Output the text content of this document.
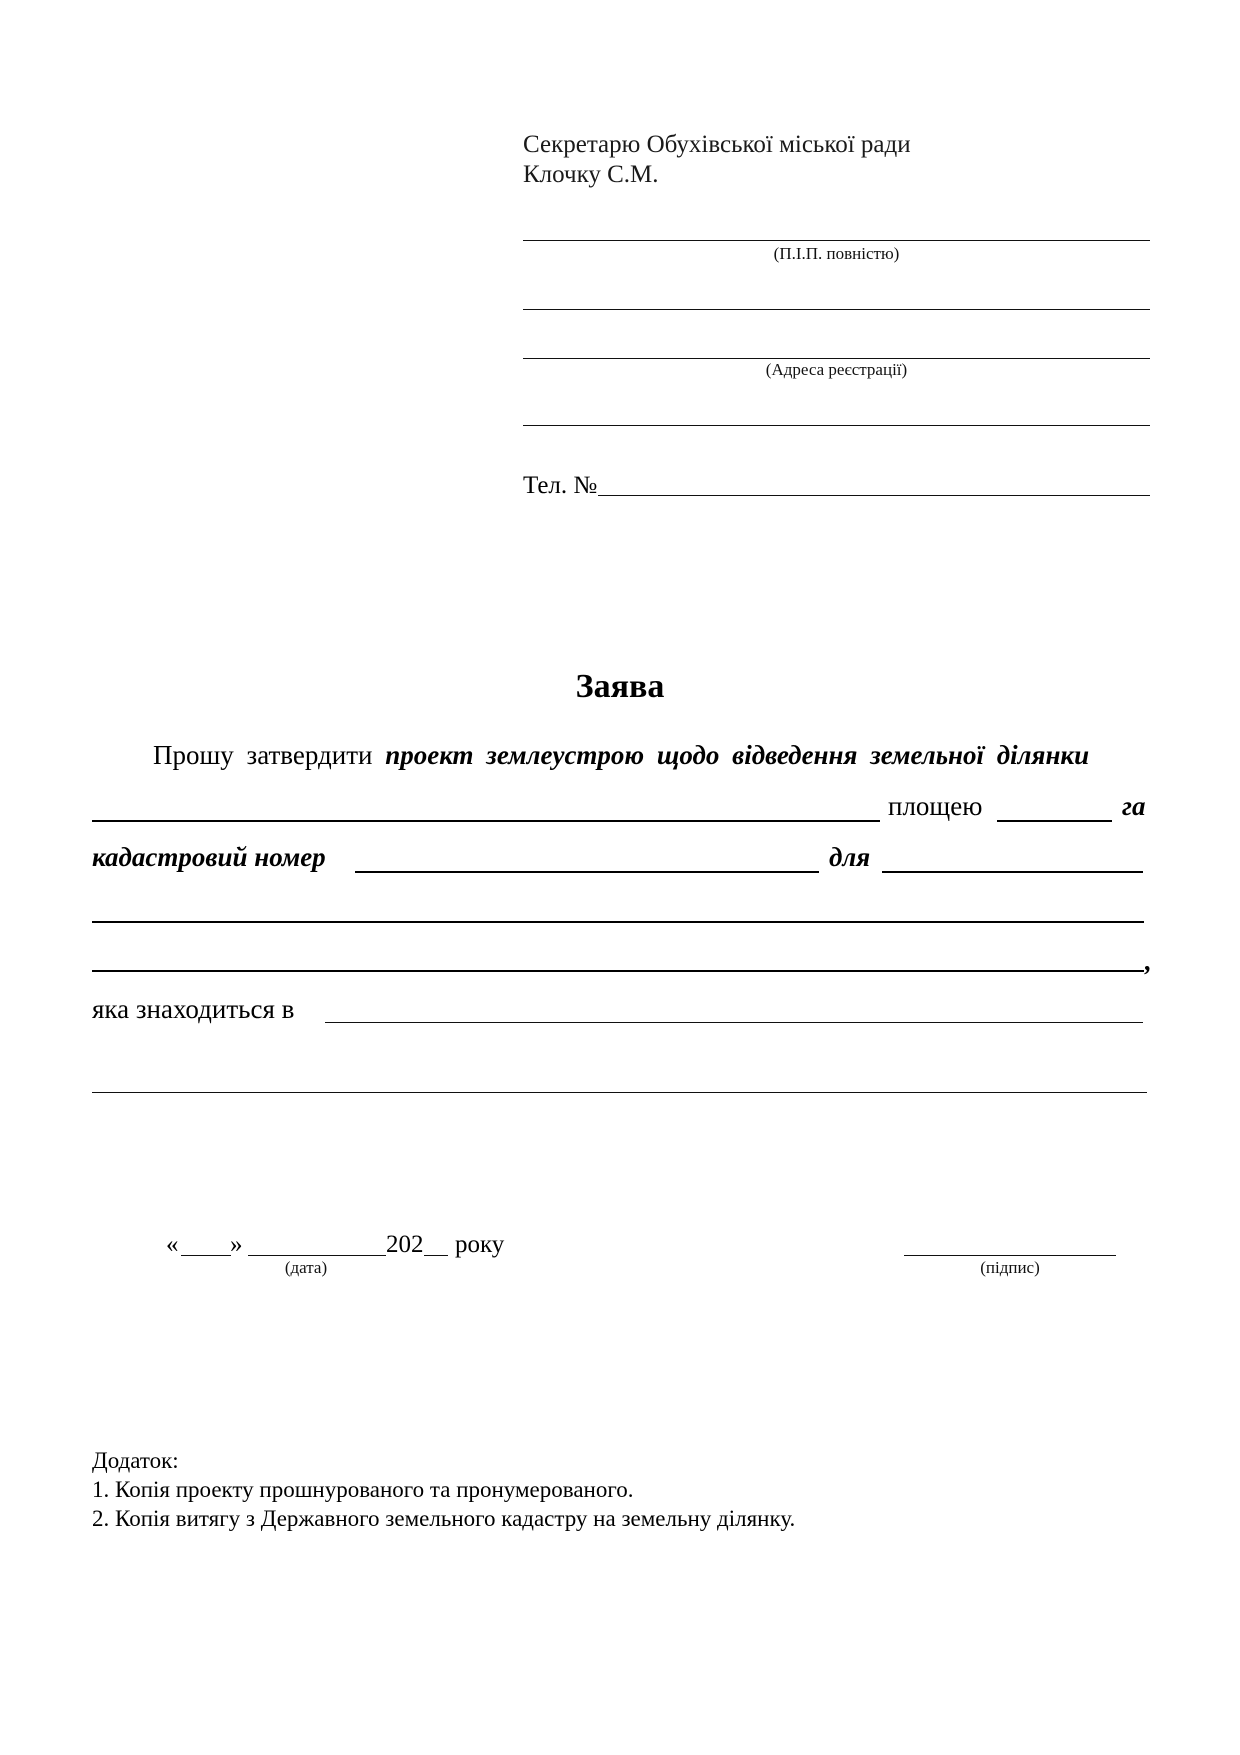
Секретарю Обухівської міської ради
Клочку С.М.
(П.І.П. повністю)
(Адреса реєстрації)
Тел. №
Заява
Прошу затвердити проект землеустрою щодо відведення земельної ділянки
площею	га
кадастровий номер	для
,
яка знаходиться в
« »	202 року
(дата)	(підпис)
Додаток:
1. Копія проекту прошнурованого та пронумерованого.
2. Копія витягу з Державного земельного кадастру на земельну ділянку.
